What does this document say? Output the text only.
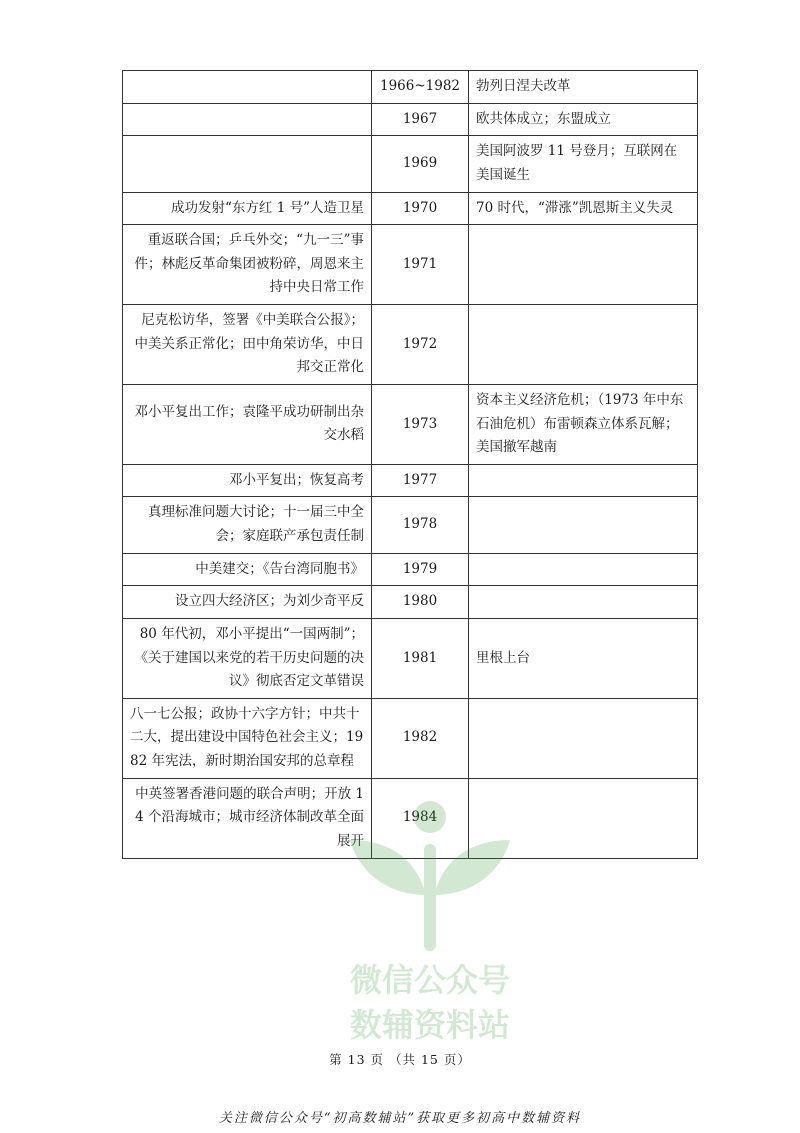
	1966~1982	勃列日涅夫改革
	1967	欧共体成立；东盟成立
	1969	美国阿波罗 11 号登月；互联网在美国诞生
成功发射“东方红 1 号”人造卫星	1970	70 时代，“滞涨”凯恩斯主义失灵
重返联合国；乒乓外交；“九一三”事件；林彪反革命集团被粉碎，周恩来主持中央日常工作	1971	
尼克松访华，签署《中美联合公报》；中美关系正常化；田中角荣访华，中日邦交正常化	1972	
邓小平复出工作；袁隆平成功研制出杂交水稻	1973	资本主义经济危机；（1973 年中东石油危机）布雷顿森立体系瓦解；美国撤军越南
邓小平复出；恢复高考	1977	
真理标准问题大讨论；十一届三中全会；家庭联产承包责任制	1978	
中美建交；《告台湾同胞书》	1979	
设立四大经济区；为刘少奇平反	1980	
80 年代初，邓小平提出“一国两制”；《关于建国以来党的若干历史问题的决议》彻底否定文革错误	1981	里根上台
八一七公报；政协十六字方针；中共十二大，提出建设中国特色社会主义；1982 年宪法，新时期治国安邦的总章程	1982	
中英签署香港问题的联合声明；开放 14 个沿海城市；城市经济体制改革全面展开	1984	
微信公众号
数辅资料站
第 13 页 （共 15 页）
关注微信公众号“初高数辅站”获取更多初高中数辅资料
